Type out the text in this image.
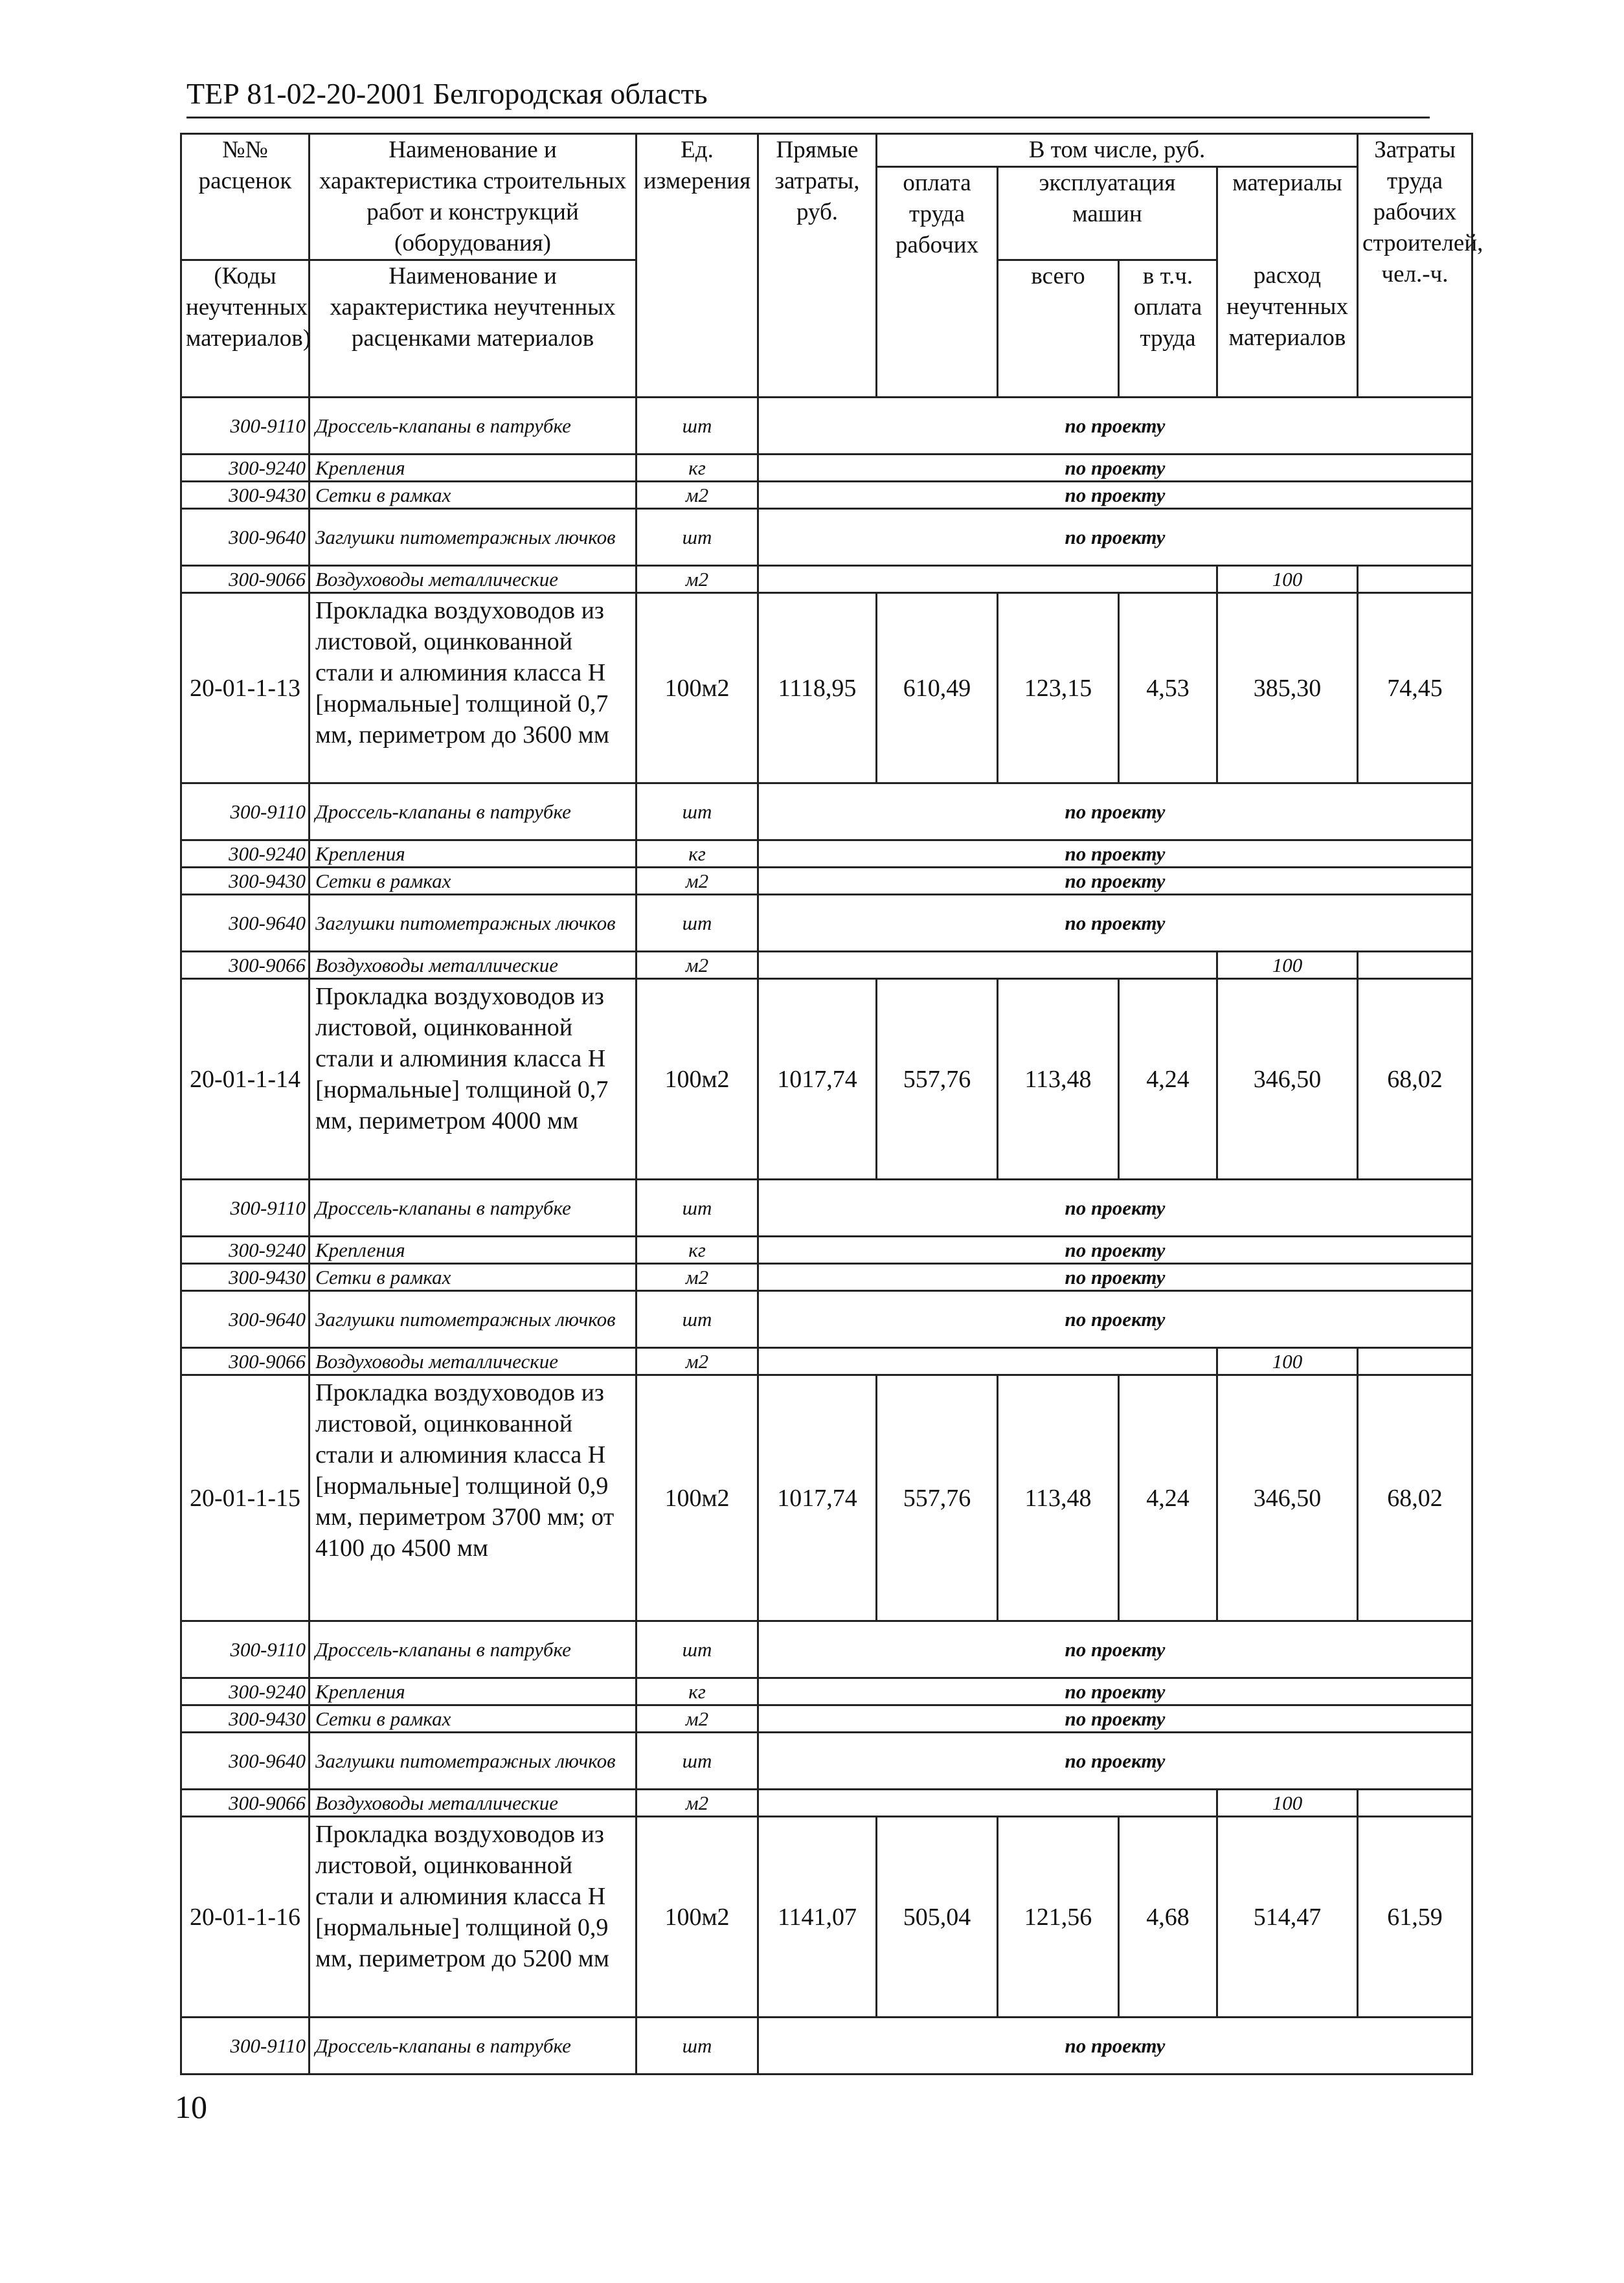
ТЕР 81-02-20-2001 Белгородская область
№№ расценок	Наименование и характеристика строительных работ и конструкций (оборудования)	Ед. измерения	Прямые затраты, руб.	В том числе, руб.				Затраты труда рабочих строителей, чел.-ч.
				оплата труда рабочих	эксплуатация машин		материалы	

(Коды неучтенных материалов)	Наименование и характеристика неучтенных расценками материалов				всего	в т.ч. оплата труда	расход неучтенных материалов	
300-9110	Дроссель-клапаны в патрубке	шт	по проекту					
300-9240	Крепления	кг	по проекту					
300-9430	Сетки в рамках	м2	по проекту					
300-9640	Заглушки питометражных лючков	шт	по проекту					
300-9066	Воздуховоды металлические	м2					100	
20-01-1-13	Прокладка воздуховодов из листовой, оцинкованной стали и алюминия класса Н [нормальные] толщиной 0,7 мм, периметром до 3600 мм	100м2	1118,95	610,49	123,15	4,53	385,30	74,45
300-9110	Дроссель-клапаны в патрубке	шт	по проекту					
300-9240	Крепления	кг	по проекту					
300-9430	Сетки в рамках	м2	по проекту					
300-9640	Заглушки питометражных лючков	шт	по проекту					
300-9066	Воздуховоды металлические	м2					100	
20-01-1-14	Прокладка воздуховодов из листовой, оцинкованной стали и алюминия класса Н [нормальные] толщиной 0,7 мм, периметром 4000 мм	100м2	1017,74	557,76	113,48	4,24	346,50	68,02
300-9110	Дроссель-клапаны в патрубке	шт	по проекту					
300-9240	Крепления	кг	по проекту					
300-9430	Сетки в рамках	м2	по проекту					
300-9640	Заглушки питометражных лючков	шт	по проекту					
300-9066	Воздуховоды металлические	м2					100	
20-01-1-15	Прокладка воздуховодов из листовой, оцинкованной стали и алюминия класса Н [нормальные] толщиной 0,9 мм, периметром 3700 мм; от 4100 до 4500 мм	100м2	1017,74	557,76	113,48	4,24	346,50	68,02
300-9110	Дроссель-клапаны в патрубке	шт	по проекту					
300-9240	Крепления	кг	по проекту					
300-9430	Сетки в рамках	м2	по проекту					
300-9640	Заглушки питометражных лючков	шт	по проекту					
300-9066	Воздуховоды металлические	м2					100	
20-01-1-16	Прокладка воздуховодов из листовой, оцинкованной стали и алюминия класса Н [нормальные] толщиной 0,9 мм, периметром до 5200 мм	100м2	1141,07	505,04	121,56	4,68	514,47	61,59
300-9110	Дроссель-клапаны в патрубке	шт	по проекту					
10
